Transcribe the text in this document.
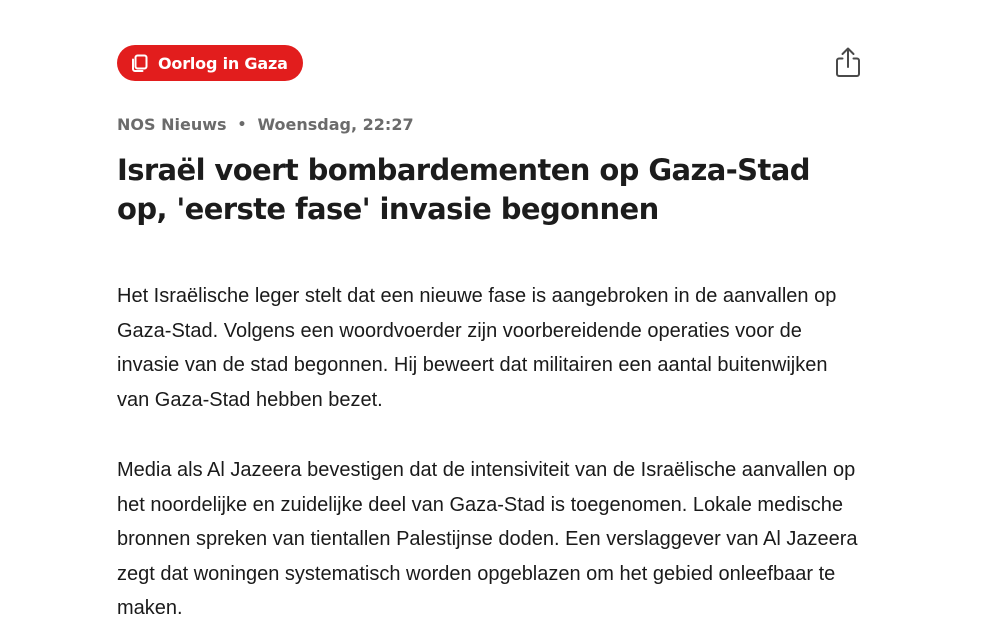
Oorlog in Gaza
NOS Nieuws • Woensdag, 22:27
Israël voert bombardementen op Gaza-Stad op, 'eerste fase' invasie begonnen

Het Israëlische leger stelt dat een nieuwe fase is aangebroken in de aanvallen op Gaza-Stad. Volgens een woordvoerder zijn voorbereidende operaties voor de invasie van de stad begonnen. Hij beweert dat militairen een aantal buitenwijken van Gaza-Stad hebben bezet.

Media als Al Jazeera bevestigen dat de intensiviteit van de Israëlische aanvallen op het noordelijke en zuidelijke deel van Gaza-Stad is toegenomen. Lokale medische bronnen spreken van tientallen Palestijnse doden. Een verslaggever van Al Jazeera zegt dat woningen systematisch worden opgeblazen om het gebied onleefbaar te maken.
